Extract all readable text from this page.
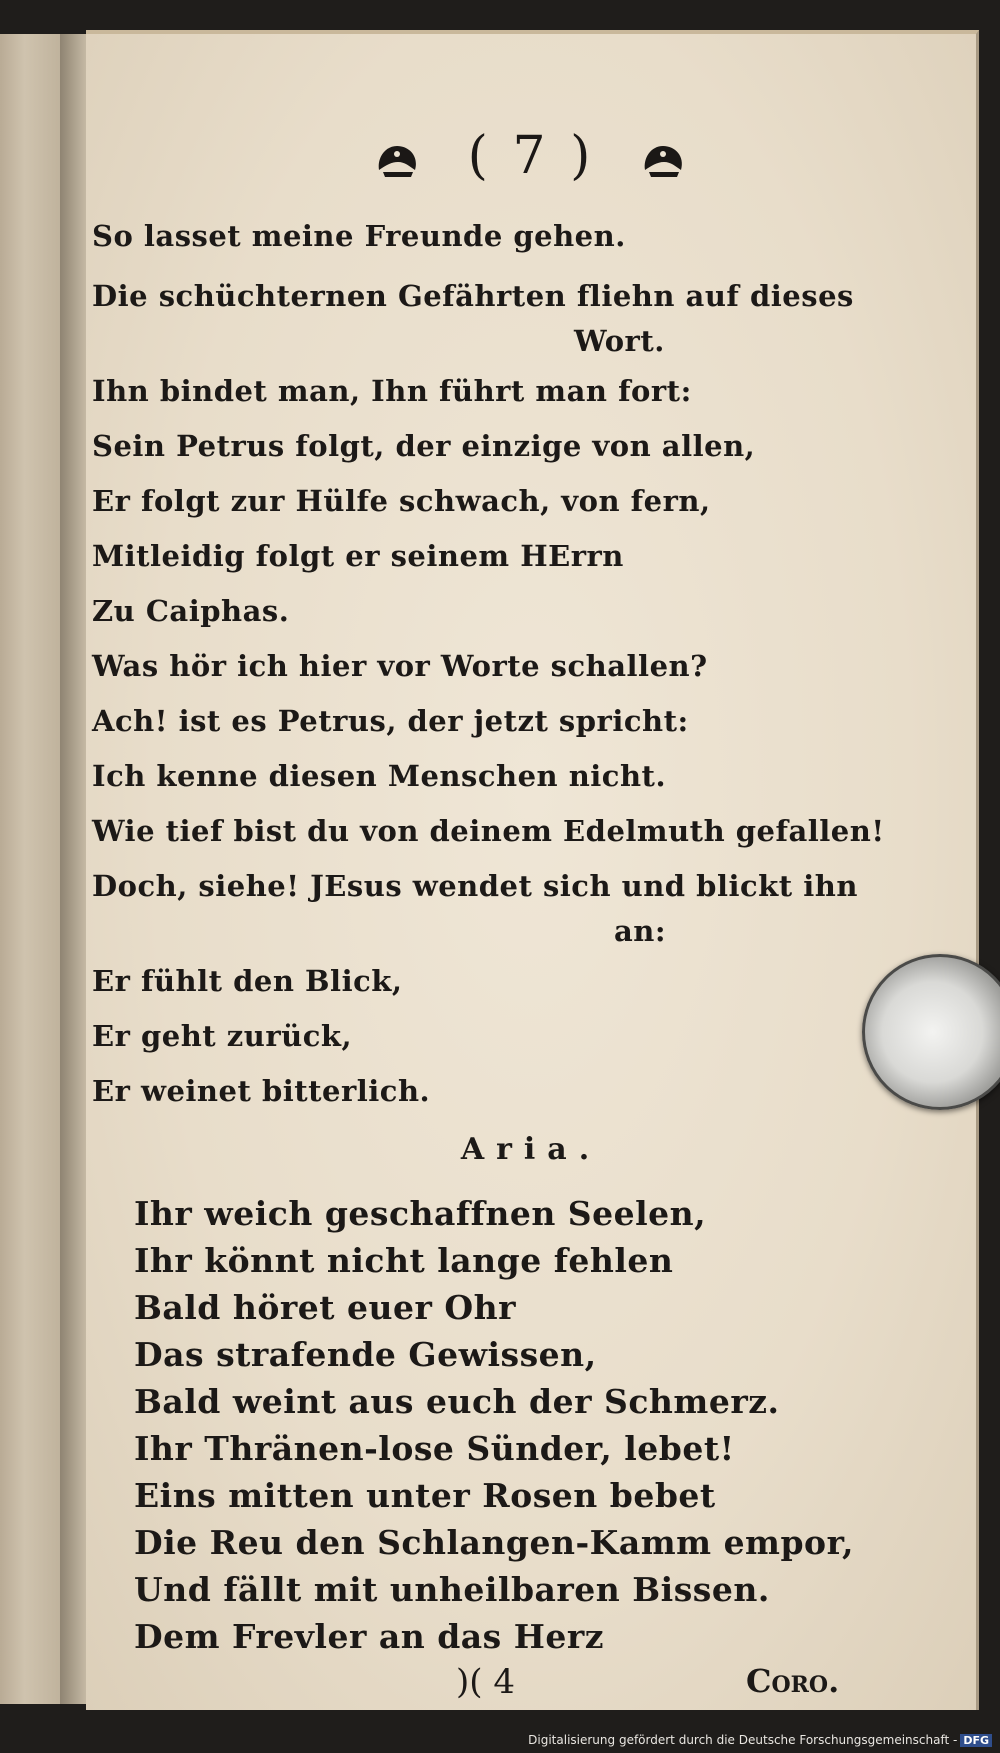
( 7 )
So lasset meine Freunde gehen.
Die schüchternen Gefährten fliehn auf dieses
Wort.
Ihn bindet man, Ihn führt man fort:
Sein Petrus folgt, der einzige von allen,
Er folgt zur Hülfe schwach, von fern,
Mitleidig folgt er seinem HErrn
Zu Caiphas.
Was hör ich hier vor Worte schallen?
Ach! ist es Petrus, der jetzt spricht:
Ich kenne diesen Menschen nicht.
Wie tief bist du von deinem Edelmuth gefallen!
Doch, siehe! JEsus wendet sich und blickt ihn
an:
Er fühlt den Blick,
Er geht zurück,
Er weinet bitterlich.
Aria.
Ihr weich geschaffnen Seelen,
Ihr könnt nicht lange fehlen
Bald höret euer Ohr
Das strafende Gewissen,
Bald weint aus euch der Schmerz.
Ihr Thränen-lose Sünder, lebet!
Eins mitten unter Rosen bebet
Die Reu den Schlangen-Kamm empor,
Und fällt mit unheilbaren Bissen.
Dem Frevler an das Herz
)( 4	Coro.
Digitalisierung gefördert durch die Deutsche Forschungsgemeinschaft - DFG
